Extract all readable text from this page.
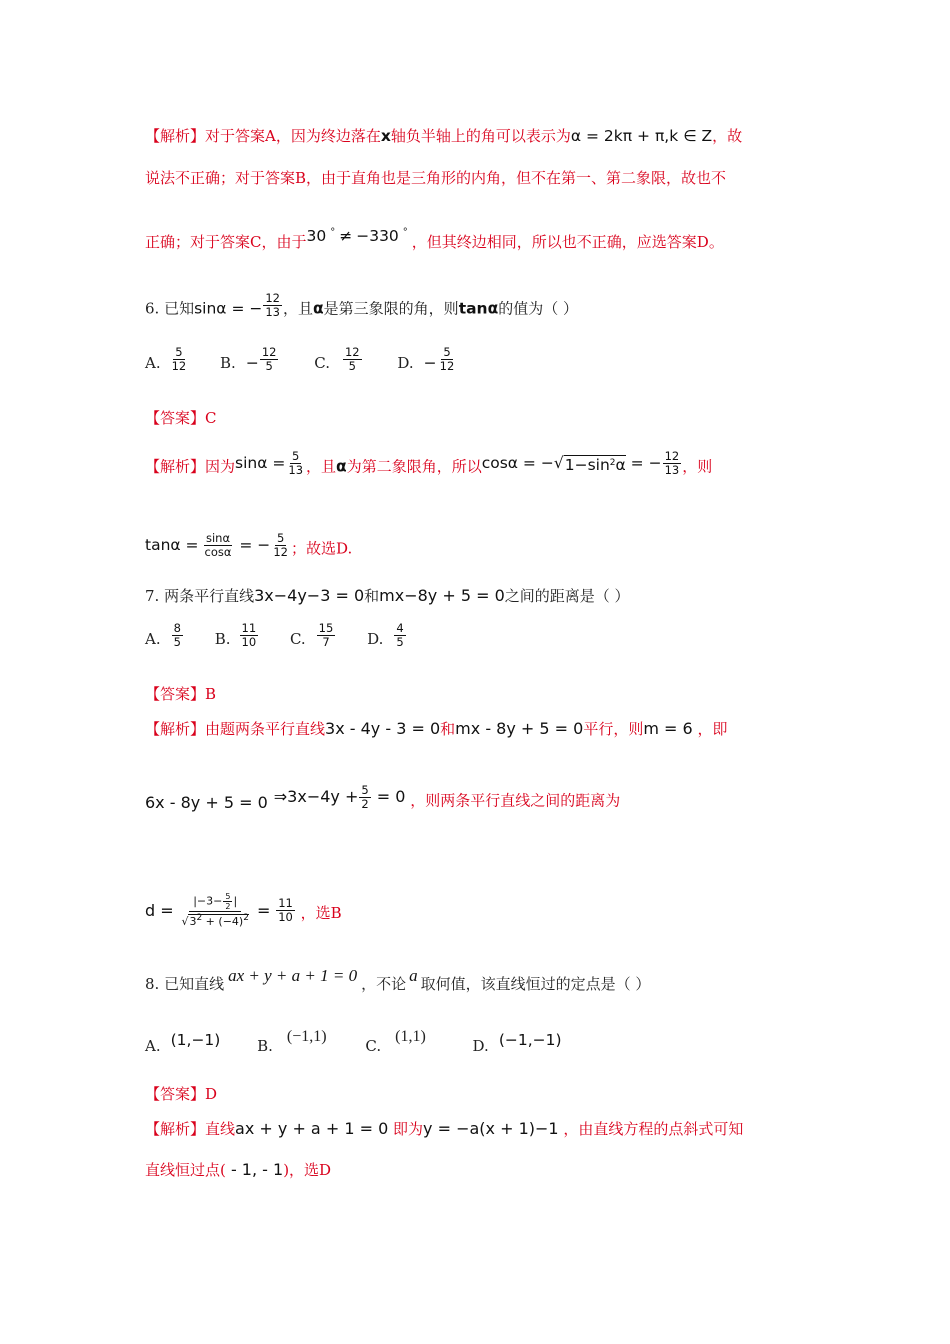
【解析】对于答案A，因为终边落在x轴负半轴上的角可以表示为α = 2kπ + π,k ∈ Z，故
说法不正确；对于答案B，由于直角也是三角形的内角，但不在第一、第二象限，故也不
正确；对于答案C，由于30 ° ≠ −330 °，但其终边相同，所以也不正确，应选答案D。
6. 已知sinα = − $\frac{12}{13}$ ，且α是第三象限的角，则tanα的值为（ ）
A. $\frac{5}{12} B$. − $\frac{12}{5} C$. $\frac{12}{5} D$. − $\frac{5}{12}$
【答案】C
【解析】因为$\sin\alpha = \frac{5}{13}$ ，且α为第二象限角，所以$\cos\alpha = -√1-\sin^2\alpha$ = − $\frac{12}{13}$ ，则
$\tan\alpha = \frac{\sin\alpha}{\cos\alpha}$ = − $\frac{5}{12}$ ；故选D.
7. 两条平行直线3x−4y−3 = 0和mx−8y + 5 = 0之间的距离是（ ）
A. $\frac{8}{5} B$. $\frac{11}{10} C$. $\frac{15}{7} D$. $\frac{4}{5}$
【答案】B
【解析】由题两条平行直线3x - 4y - 3 = 0和mx - 8y + 5 = 0平行，则m = 6 ，即
6x - 8y + 5 = 0 ⇒3x−4y + $\frac{5}{2} = 0$ ，则两条平行直线之间的距离为
$d = \frac{|-3- \frac{5}{2} |}{√3^2 + (-4)^2} = \frac{11}{10}$ ，选B
8. 已知直线 ax + y + a + 1 = 0 ，不论 a 取何值，该直线恒过的定点是（ ）
A. (1,−1) B.(−1,1) C.(1,1) D. (−1,−1)
【答案】D
【解析】直线ax + y + a + 1 = 0 即为y = −a(x + 1)−1 ，由直线方程的点斜式可知
直线恒过点( - 1, - 1)，选D
